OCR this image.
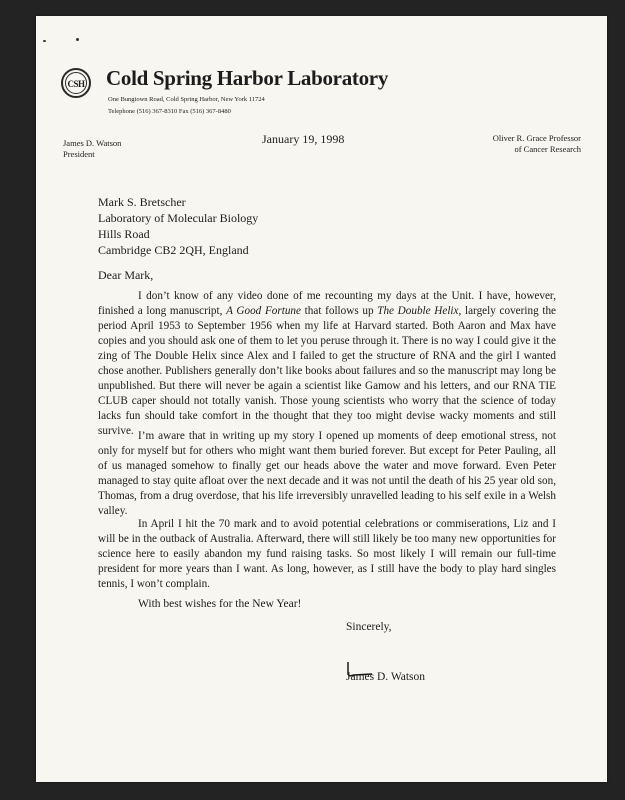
CSH Cold Spring Harbor Laboratory
One Bungtown Road, Cold Spring Harbor, New York 11724
Telephone (516) 367-8310 Fax (516) 367-8480
James D. Watson
President
January 19, 1998	Oliver R. Grace Professor
of Cancer Research
Mark S. Bretscher
Laboratory of Molecular Biology
Hills Road
Cambridge CB2 2QH, England
Dear Mark,
I don’t know of any video done of me recounting my days at the Unit. I have, however, finished a long manuscript, A Good Fortune that follows up The Double Helix, largely covering the period April 1953 to September 1956 when my life at Harvard started. Both Aaron and Max have copies and you should ask one of them to let you peruse through it. There is no way I could give it the zing of The Double Helix since Alex and I failed to get the structure of RNA and the girl I wanted chose another. Publishers generally don’t like books about failures and so the manuscript may long be unpublished. But there will never be again a scientist like Gamow and his letters, and our RNA TIE CLUB caper should not totally vanish. Those young scientists who worry that the science of today lacks fun should take comfort in the thought that they too might devise wacky moments and still survive. I’m aware that in writing up my story I opened up moments of deep emotional stress, not only for myself but for others who might want them buried forever. But except for Peter Pauling, all of us managed somehow to finally get our heads above the water and move forward. Even Peter managed to stay quite afloat over the next decade and it was not until the death of his 25 year old son, Thomas, from a drug overdose, that his life irreversibly unravelled leading to his self exile in a Welsh valley.
In April I hit the 70 mark and to avoid potential celebrations or commiserations, Liz and I will be in the outback of Australia. Afterward, there will still likely be too many new opportunities for science here to easily abandon my fund raising tasks. So most likely I will remain our full-time president for more years than I want. As long, however, as I still have the body to play hard singles tennis, I won’t complain.
With best wishes for the New Year!
Sincerely,
James D. Watson
